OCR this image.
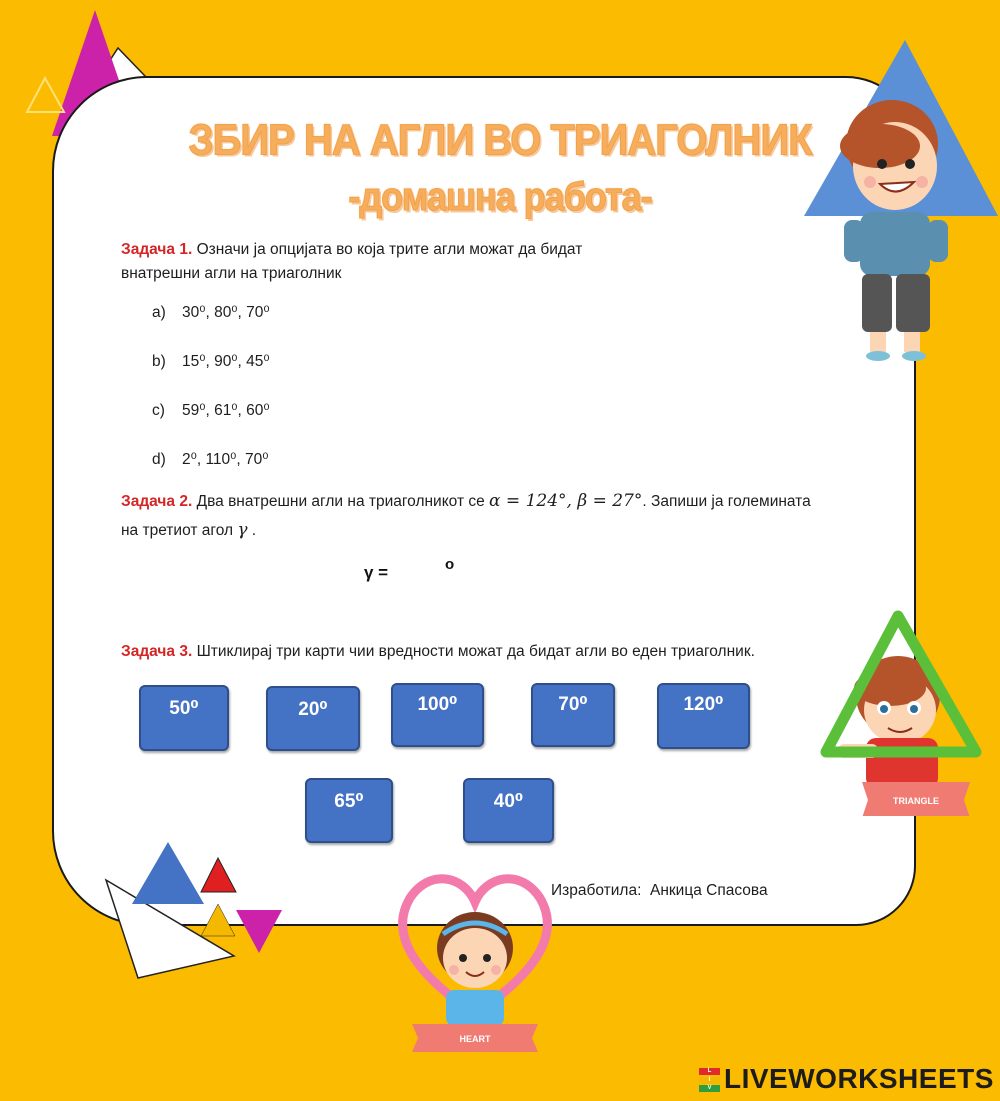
ЗБИР НА АГЛИ ВО ТРИАГОЛНИК
-домашна работа-
Задача 1. Означи ја опцијата во која трите агли можат да бидат
внатрешни агли на триаголник
a) 30⁰, 80⁰, 70⁰
b) 15⁰, 90⁰, 45⁰
c) 59⁰, 61⁰, 60⁰
d) 2⁰, 110⁰, 70⁰
Задача 2. Два внатрешни агли на триаголникот се α = 124°, β = 27°. Запиши ја големината
на третиот агол γ .
γ =	o
Задача 3. Штиклирај три карти чии вредности можат да бидат агли во еден триаголник.
50⁰	20⁰	100⁰	70⁰	120⁰
65⁰	40⁰	TRIANGLE
HEART
Изработила:  Анкица Спасова
L
I
V LIVEWORKSHEETS
